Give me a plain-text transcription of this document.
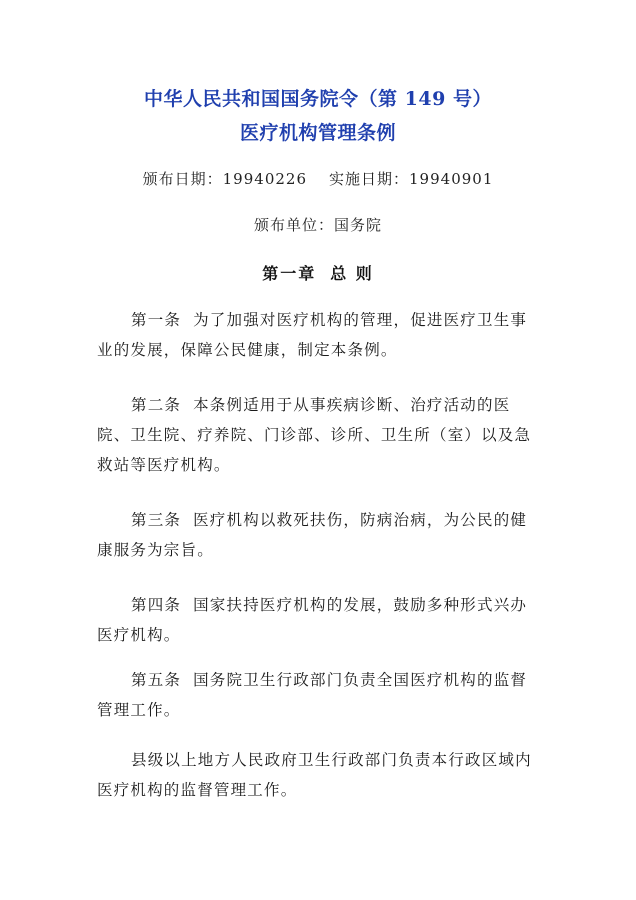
中华人民共和国国务院令（第 149 号）
医疗机构管理条例
颁布日期：19940226 实施日期：19940901
颁布单位：国务院
第一章 总 则
第一条 为了加强对医疗机构的管理，促进医疗卫生事业的发展，保障公民健康，制定本条例。
第二条 本条例适用于从事疾病诊断、治疗活动的医院、卫生院、疗养院、门诊部、诊所、卫生所（室）以及急救站等医疗机构。
第三条 医疗机构以救死扶伤，防病治病，为公民的健康服务为宗旨。
第四条 国家扶持医疗机构的发展，鼓励多种形式兴办医疗机构。
第五条 国务院卫生行政部门负责全国医疗机构的监督管理工作。
县级以上地方人民政府卫生行政部门负责本行政区域内医疗机构的监督管理工作。
